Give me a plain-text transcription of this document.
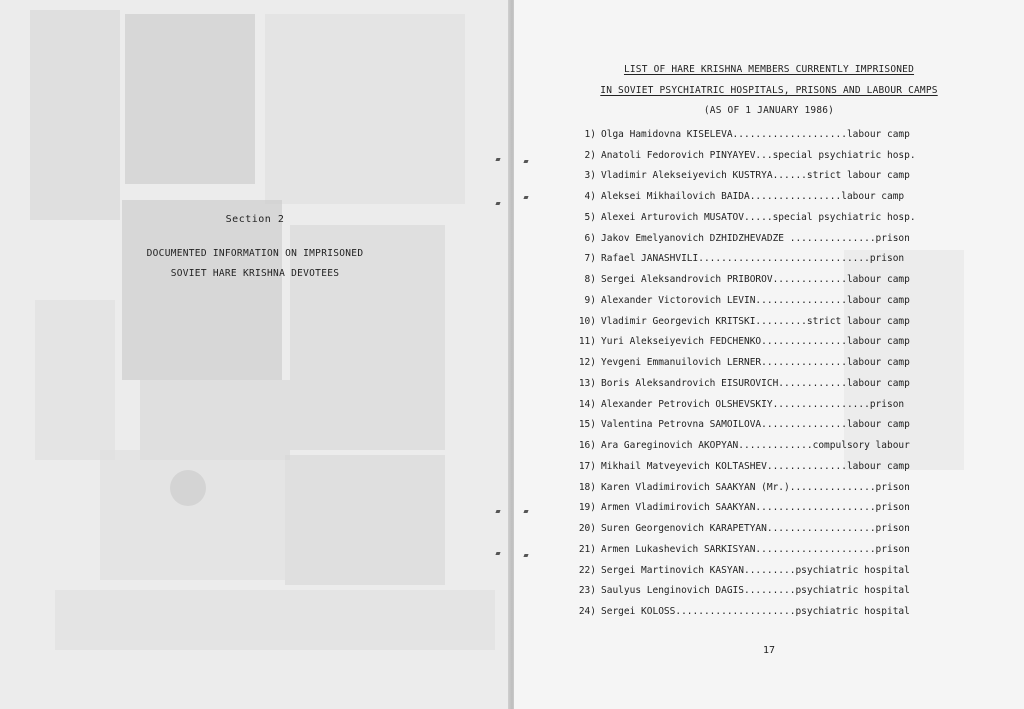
Section 2
DOCUMENTED INFORMATION ON IMPRISONED
SOVIET HARE KRISHNA DEVOTEES
LIST OF HARE KRISHNA MEMBERS CURRENTLY IMPRISONED
IN SOVIET PSYCHIATRIC HOSPITALS, PRISONS AND LABOUR CAMPS
(AS OF 1 JANUARY 1986)
1) Olga Hamidovna KISELEVA....................labour camp
2) Anatoli Fedorovich PINYAYEV...special psychiatric hosp.
3) Vladimir Alekseiyevich KUSTRYA......strict labour camp
4) Aleksei Mikhailovich BAIDA................labour camp
5) Alexei Arturovich MUSATOV.....special psychiatric hosp.
6) Jakov Emelyanovich DZHIDZHEVADZE ...............prison
7) Rafael JANASHVILI..............................prison
8) Sergei Aleksandrovich PRIBOROV.............labour camp
9) Alexander Victorovich LEVIN................labour camp
10) Vladimir Georgevich KRITSKI.........strict labour camp
11) Yuri Alekseiyevich FEDCHENKO...............labour camp
12) Yevgeni Emmanuilovich LERNER...............labour camp
13) Boris Aleksandrovich EISUROVICH............labour camp
14) Alexander Petrovich OLSHEVSKIY.................prison
15) Valentina Petrovna SAMOILOVA...............labour camp
16) Ara Gareginovich AKOPYAN.............compulsory labour
17) Mikhail Matveyevich KOLTASHEV..............labour camp
18) Karen Vladimirovich SAAKYAN (Mr.)...............prison
19) Armen Vladimirovich SAAKYAN.....................prison
20) Suren Georgenovich KARAPETYAN...................prison
21) Armen Lukashevich SARKISYAN.....................prison
22) Sergei Martinovich KASYAN.........psychiatric hospital
23) Saulyus Lenginovich DAGIS.........psychiatric hospital
24) Sergei KOLOSS.....................psychiatric hospital
17
